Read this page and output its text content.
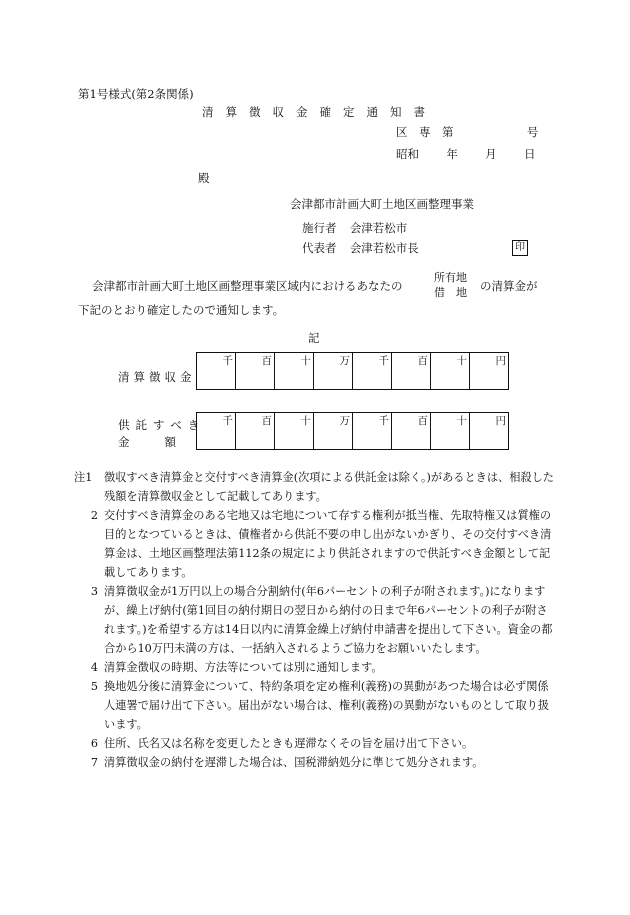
第1号様式(第2条関係)
清算徴収金確定通知書
区　専　第	号
昭和 年 月 日
殿
会津都市計画大町土地区画整理事業
施行者 会津若松市
代表者 会津若松市長	印
会津都市計画大町土地区画整理事業区域内におけるあなたの
所有地
借　地 の清算金が
下記のとおり確定したので通知します。
記
清算徴収金
千	百	十	万	千	百	十	円
供託すべき
金　　額
千	百	十	万	千	百	十	円
注1	徴収すべき清算金と交付すべき清算金(次項による供託金は除く。)があるときは、相殺した残額を清算徴収金として記載してあります。
2 交付すべき清算金のある宅地又は宅地について存する権利が抵当権、先取特権又は質権の目的となつているときは、債権者から供託不要の申し出がないかぎり、その交付すべき清算金は、土地区画整理法第112条の規定により供託されますので供託すべき金額として記載してあります。
3 清算徴収金が1万円以上の場合分割納付(年6パーセントの利子が附されます。)になりますが、繰上げ納付(第1回目の納付期日の翌日から納付の日まで年6パーセントの利子が附されます。)を希望する方は14日以内に清算金繰上げ納付申請書を提出して下さい。資金の都合から10万円未満の方は、一括納入されるようご協力をお願いいたします。
4 清算金徴収の時期、方法等については別に通知します。
5 換地処分後に清算金について、特約条項を定め権利(義務)の異動があつた場合は必ず関係人連署で届け出て下さい。届出がない場合は、権利(義務)の異動がないものとして取り扱います。
6 住所、氏名又は名称を変更したときも遅滞なくその旨を届け出て下さい。
7 清算徴収金の納付を遅滞した場合は、国税滞納処分に準じて処分されます。
